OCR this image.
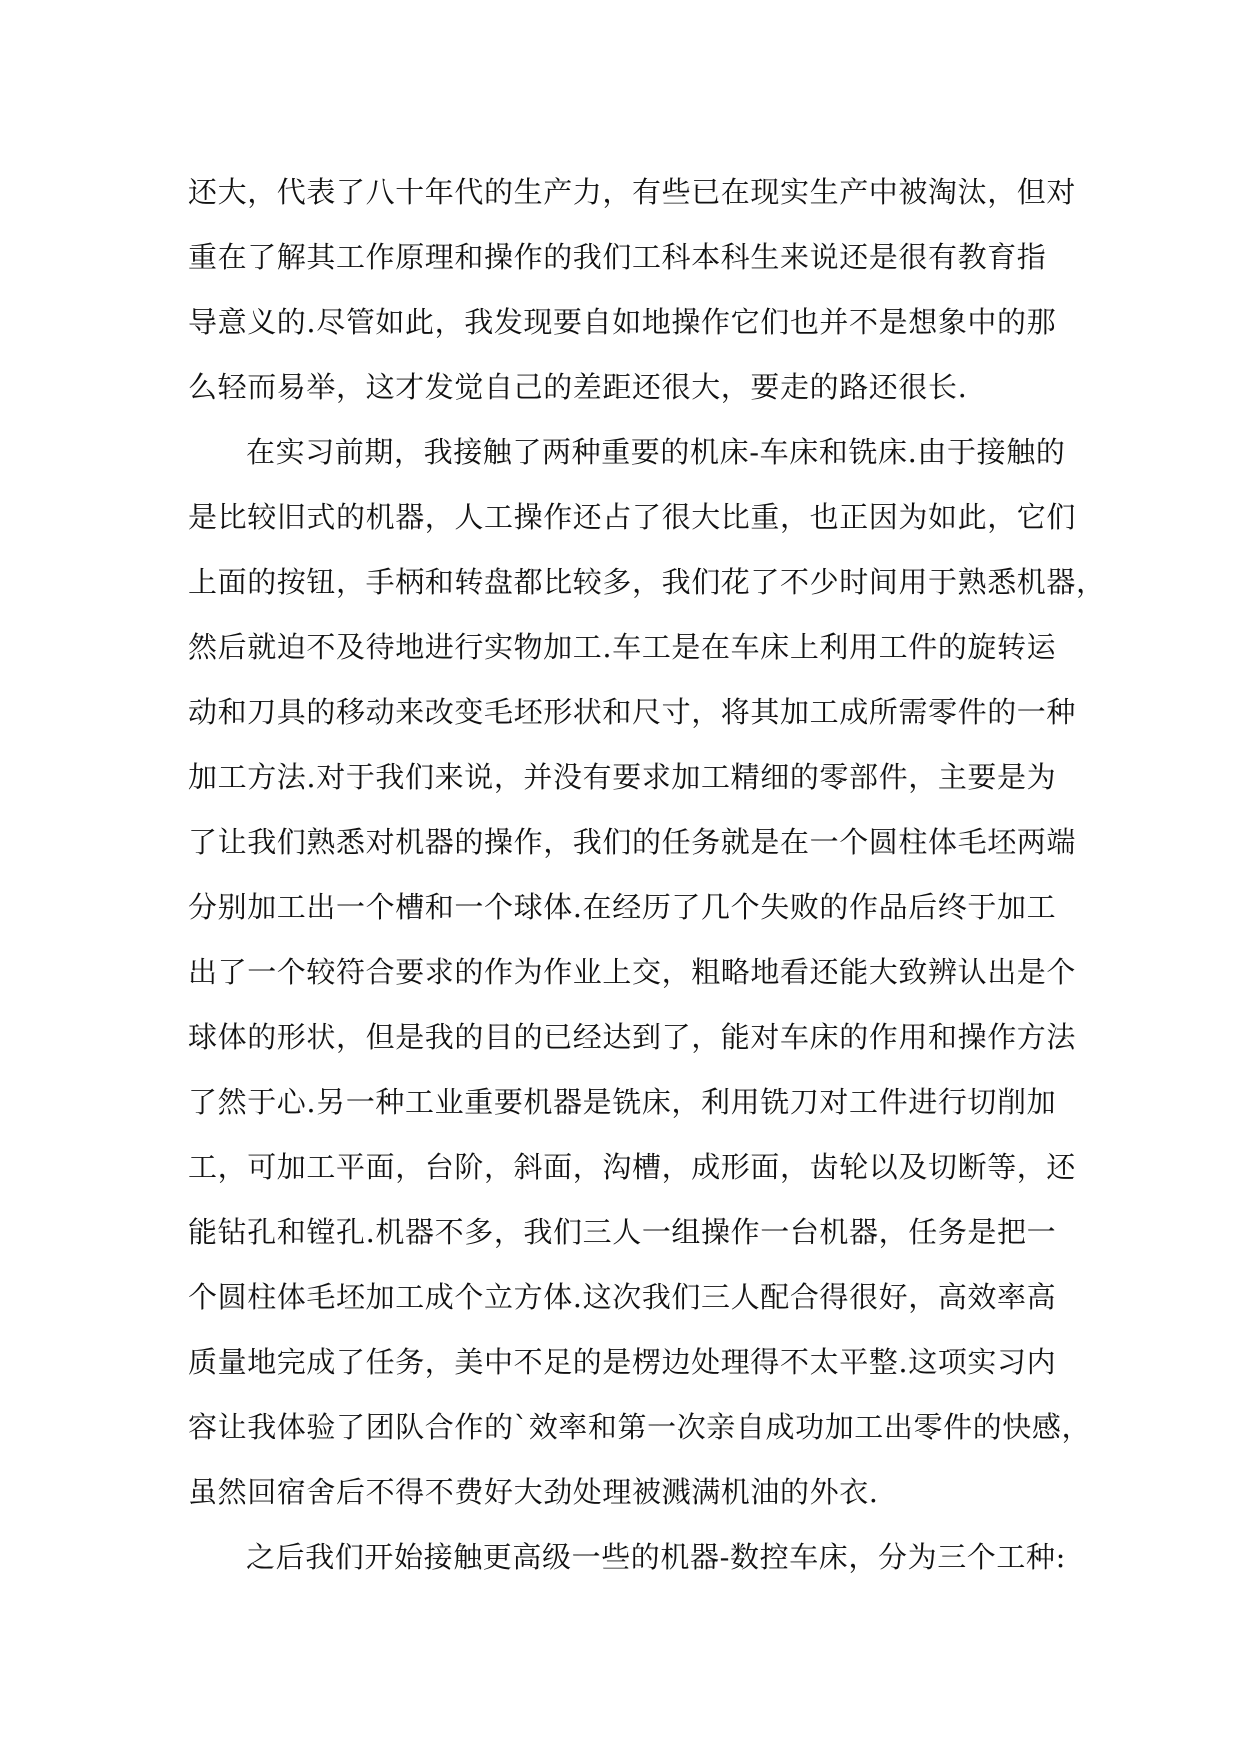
还大，代表了八十年代的生产力，有些已在现实生产中被淘汰，但对
重在了解其工作原理和操作的我们工科本科生来说还是很有教育指
导意义的.尽管如此，我发现要自如地操作它们也并不是想象中的那
么轻而易举，这才发觉自己的差距还很大，要走的路还很长.
在实习前期，我接触了两种重要的机床-车床和铣床.由于接触的
是比较旧式的机器，人工操作还占了很大比重，也正因为如此，它们
上面的按钮，手柄和转盘都比较多，我们花了不少时间用于熟悉机器，
然后就迫不及待地进行实物加工.车工是在车床上利用工件的旋转运
动和刀具的移动来改变毛坯形状和尺寸，将其加工成所需零件的一种
加工方法.对于我们来说，并没有要求加工精细的零部件，主要是为
了让我们熟悉对机器的操作，我们的任务就是在一个圆柱体毛坯两端
分别加工出一个槽和一个球体.在经历了几个失败的作品后终于加工
出了一个较符合要求的作为作业上交，粗略地看还能大致辨认出是个
球体的形状，但是我的目的已经达到了，能对车床的作用和操作方法
了然于心.另一种工业重要机器是铣床，利用铣刀对工件进行切削加
工，可加工平面，台阶，斜面，沟槽，成形面，齿轮以及切断等，还
能钻孔和镗孔.机器不多，我们三人一组操作一台机器，任务是把一
个圆柱体毛坯加工成个立方体.这次我们三人配合得很好，高效率高
质量地完成了任务，美中不足的是楞边处理得不太平整.这项实习内
容让我体验了团队合作的`效率和第一次亲自成功加工出零件的快感，
虽然回宿舍后不得不费好大劲处理被溅满机油的外衣.
之后我们开始接触更高级一些的机器-数控车床，分为三个工种:
